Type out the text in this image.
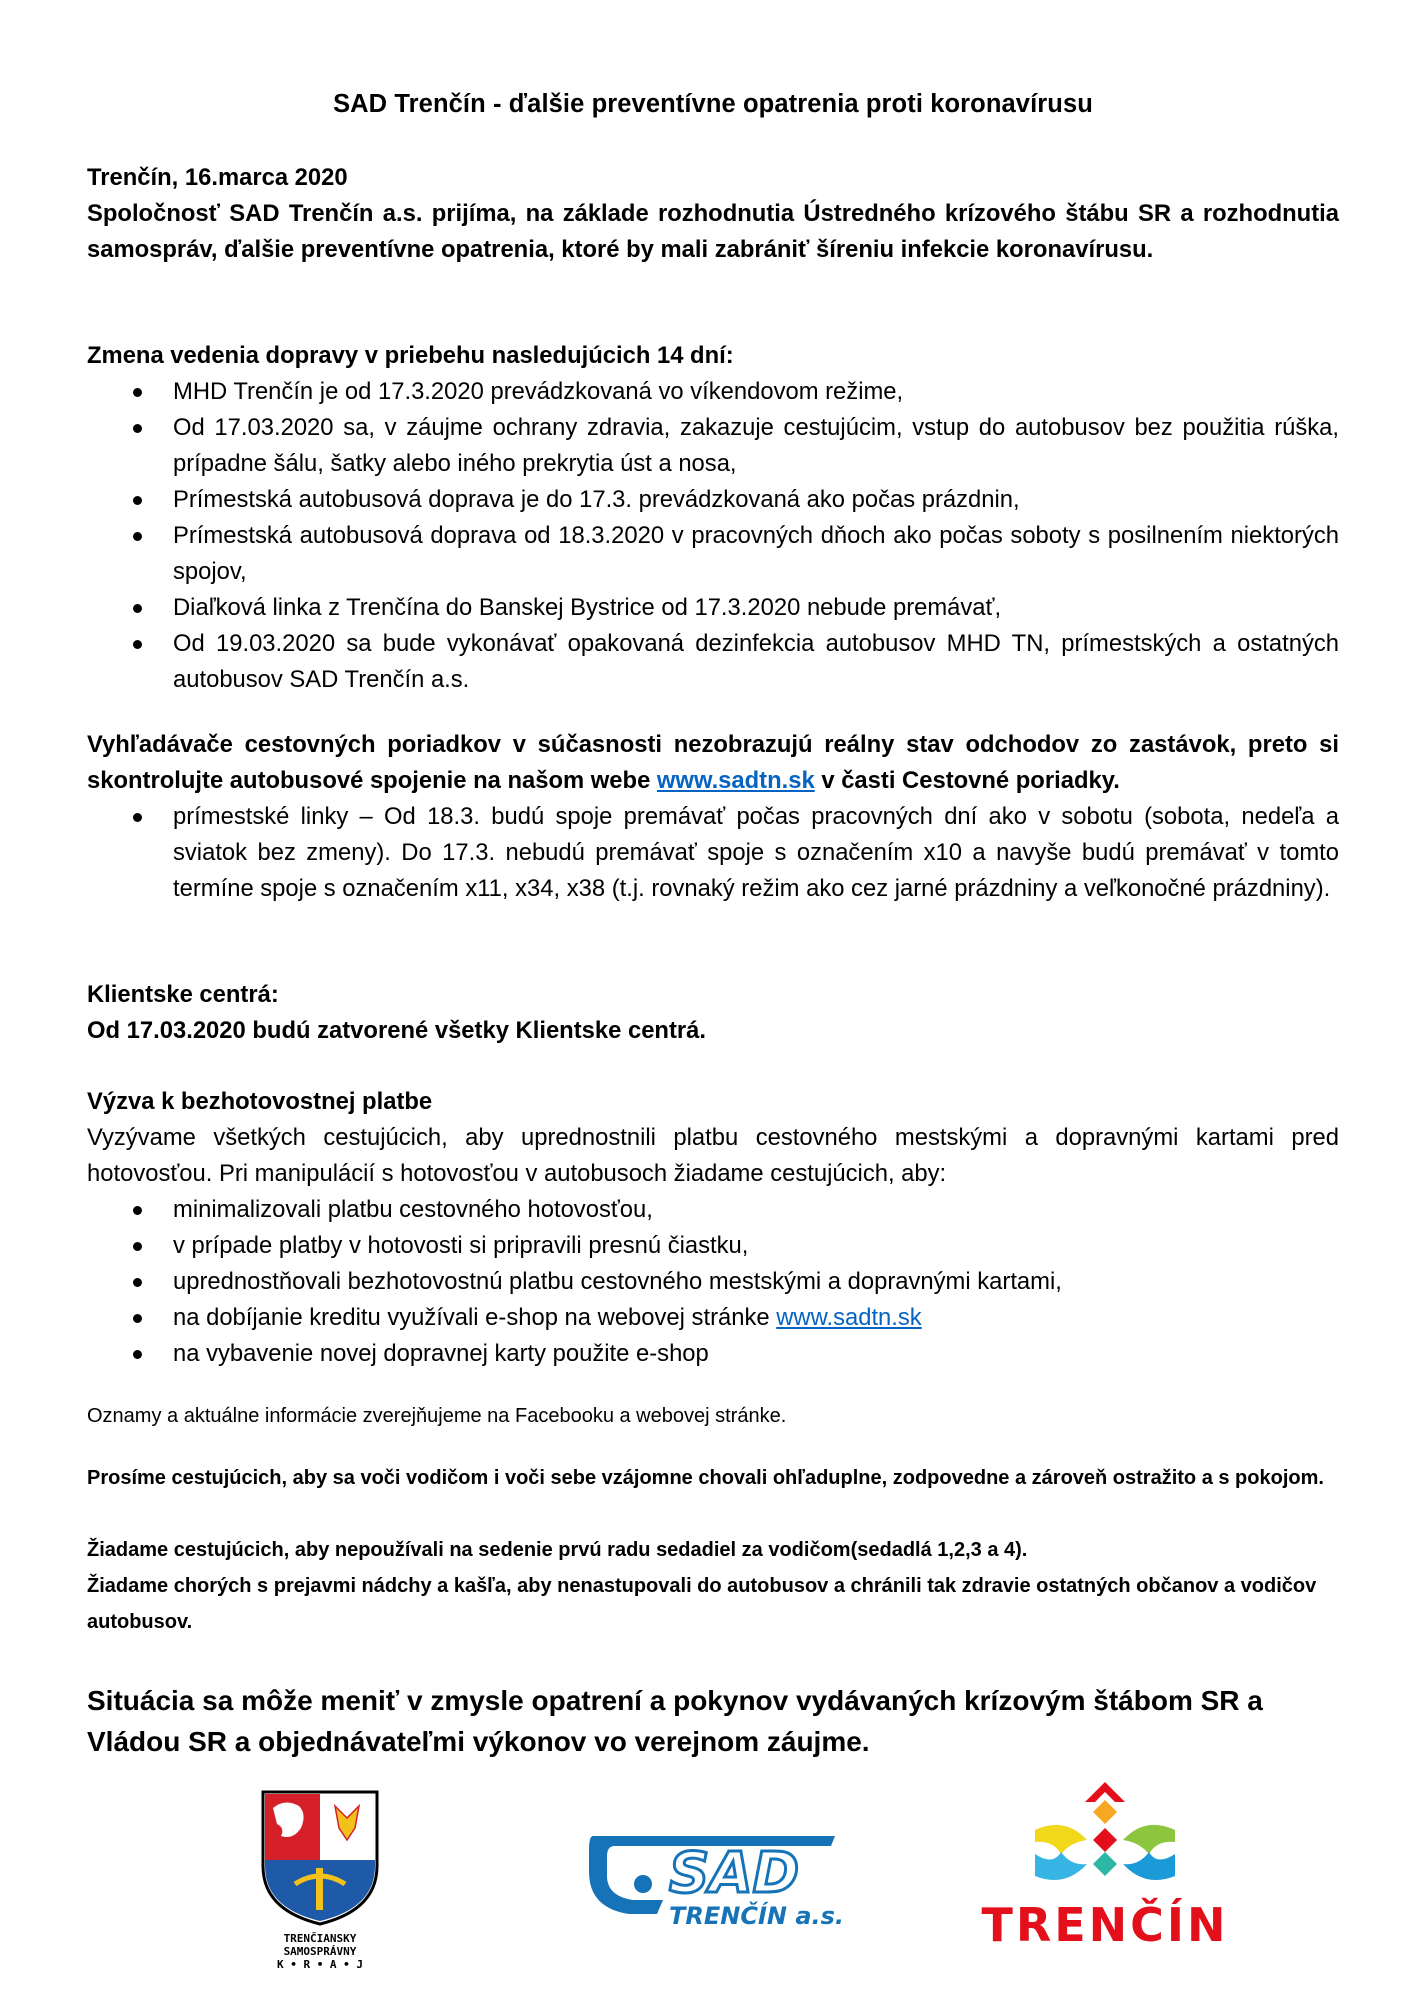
SAD Trenčín - ďalšie preventívne opatrenia proti koronavírusu
Trenčín, 16.marca 2020
Spoločnosť SAD Trenčín a.s. prijíma, na základe rozhodnutia Ústredného krízového štábu SR a rozhodnutia samospráv, ďalšie preventívne opatrenia, ktoré by mali zabrániť šíreniu infekcie koronavírusu.
Zmena vedenia dopravy v priebehu nasledujúcich 14 dní:
MHD Trenčín je od 17.3.2020 prevádzkovaná vo víkendovom režime,
Od 17.03.2020 sa, v záujme ochrany zdravia, zakazuje cestujúcim, vstup do autobusov bez použitia rúška, prípadne šálu, šatky alebo iného prekrytia úst a nosa,
Prímestská autobusová doprava je do 17.3. prevádzkovaná ako počas prázdnin,
Prímestská autobusová doprava od 18.3.2020 v pracovných dňoch ako počas soboty s posilnením niektorých spojov,
Diaľková linka z Trenčína do Banskej Bystrice od 17.3.2020 nebude premávať,
Od 19.03.2020 sa bude vykonávať opakovaná dezinfekcia autobusov MHD TN, prímestských a ostatných autobusov SAD Trenčín a.s.
Vyhľadávače cestovných poriadkov v súčasnosti nezobrazujú reálny stav odchodov zo zastávok, preto si skontrolujte autobusové spojenie na našom webe www.sadtn.sk v časti Cestovné poriadky.
prímestské linky – Od 18.3. budú spoje premávať počas pracovných dní ako v sobotu (sobota, nedeľa a sviatok bez zmeny). Do 17.3. nebudú premávať spoje s označením x10 a navyše budú premávať v tomto termíne spoje s označením x11, x34, x38 (t.j. rovnaký režim ako cez jarné prázdniny a veľkonočné prázdniny).
Klientske centrá:
Od 17.03.2020 budú zatvorené všetky Klientske centrá.
Výzva k bezhotovostnej platbe
Vyzývame všetkých cestujúcich, aby uprednostnili platbu cestovného mestskými a dopravnými kartami pred hotovosťou. Pri manipulácií s hotovosťou v autobusoch žiadame cestujúcich, aby:
minimalizovali platbu cestovného hotovosťou,
v prípade platby v hotovosti si pripravili presnú čiastku,
uprednostňovali bezhotovostnú platbu cestovného mestskými a dopravnými kartami,
na dobíjanie kreditu využívali e-shop na webovej stránke www.sadtn.sk
na vybavenie novej dopravnej karty použite e-shop
Oznamy a aktuálne informácie zverejňujeme na Facebooku a webovej stránke.
Prosíme cestujúcich, aby sa voči vodičom i voči sebe vzájomne chovali ohľaduplne, zodpovedne a zároveň ostražito a s pokojom.
Žiadame cestujúcich, aby nepoužívali na sedenie prvú radu sedadiel za vodičom(sedadlá 1,2,3 a 4).
Žiadame chorých s prejavmi nádchy a kašľa, aby nenastupovali do autobusov a chránili tak zdravie ostatných občanov a vodičov autobusov.
Situácia sa môže meniť v zmysle opatrení a pokynov vydávaných krízovým štábom SR a Vládou SR a objednávateľmi výkonov vo verejnom záujme.
TRENČIANSKY
SAMOSPRÁVNY
K • R • A • J
SAD
TRENČÍN a.s.	TRENČÍN
